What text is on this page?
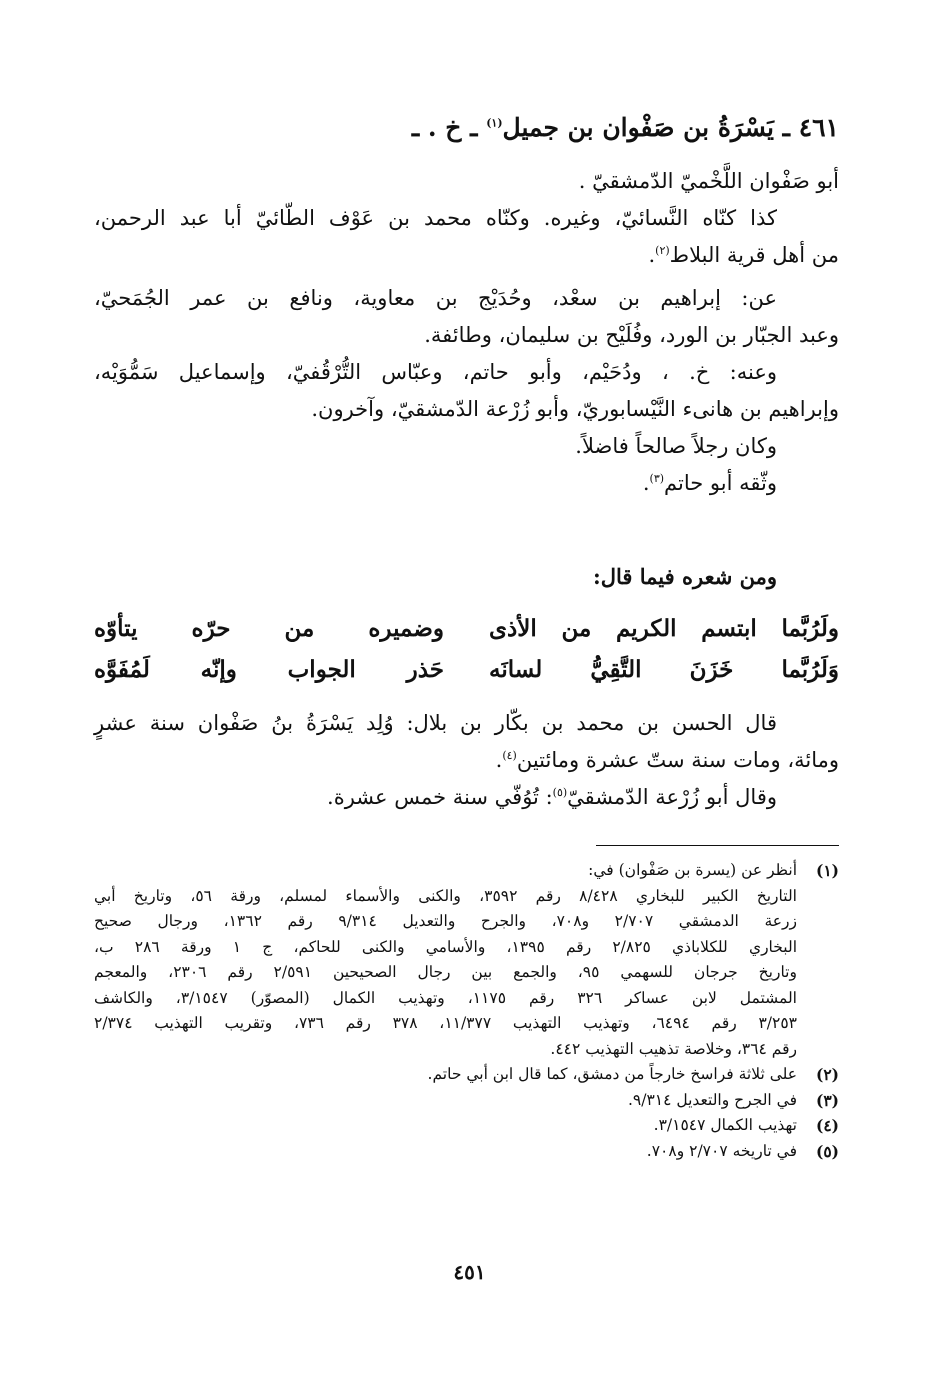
٤٦١ ـ يَسْرَةُ بن صَفْوان بن جميل$^{(١)}$ ـ خ . ـ

أبو صَفْوان اللَّخْميّ الدّمشقيّ .

كذا كنّاه النَّسائيّ، وغيره. وكنّاه محمد بن عَوْف الطّائيّ أبا عبد الرحمن،

من أهل قرية البلاط$^{(٢)}$.

عن: إبراهيم بن سعْد، وحُدَيْج بن معاوية، ونافع بن عمر الجُمَحيّ،

وعبد الجبّار بن الورد، وفُلَيْح بن سليمان، وطائفة.

وعنه: خ. ، ودُحَيْم، وأبو حاتم، وعبّاس التُّرْقُفيّ، وإسماعيل سَمُّوَيْه،

وإبراهيم بن هانىء النَّيْسابوريّ، وأبو زُرْعة الدّمشقيّ، وآخرون.

وكان رجلاً صالحاً فاضلاً.

وثّقه أبو حاتم$^{(٣)}$.

ومن شعره فيما قال:
ولَرُبَّما ابتسم الكريم من الأذى
وضميره من حرّه يتأوّه
وَلَرُبَّما خَزَنَ التَّقِيُّ لسانَه
حَذر الجواب وإنّه لَمُفَوَّه

قال الحسن بن محمد بن بكّار بن بلال: وُلِد يَسْرَةُ بنُ صَفْوان سنة عشرٍ

ومائة، ومات سنة ستّ عشرة ومائتين$^{(٤)}$.

وقال أبو زُرْعة الدّمشقيّ$^{(٥)}$: تُوُفّي سنة خمس عشرة.

(١)
أنظر عن (يسرة بن صَفْوان) في:
التاريخ الكبير للبخاري ٨/٤٢٨ رقم ٣٥٩٢، والكنى والأسماء لمسلم، ورقة ٥٦، وتاريخ أبي
زرعة الدمشقي ٢/٧٠٧ و٧٠٨، والجرح والتعديل ٩/٣١٤ رقم ١٣٦٢، ورجال صحيح
البخاري للكلاباذي ٢/٨٢٥ رقم ١٣٩٥، والأسامي والكنى للحاكم، ج ١ ورقة ٢٨٦ ب،
وتاريخ جرجان للسهمي ٩٥، والجمع بين رجال الصحيحين ٢/٥٩١ رقم ٢٣٠٦، والمعجم
المشتمل لابن عساكر ٣٢٦ رقم ١١٧٥، وتهذيب الكمال (المصوّر) ٣/١٥٤٧، والكاشف
٣/٢٥٣ رقم ٦٤٩٤، وتهذيب التهذيب ١١/٣٧٧، ٣٧٨ رقم ٧٣٦، وتقريب التهذيب ٢/٣٧٤
رقم ٣٦٤، وخلاصة تذهيب التهذيب ٤٤٢.
(٢)
على ثلاثة فراسخ خارجاً من دمشق، كما قال ابن أبي حاتم.
(٣)
في الجرح والتعديل ٩/٣١٤.
(٤)
تهذيب الكمال ٣/١٥٤٧.
(٥)
في تاريخه ٢/٧٠٧ و٧٠٨.
٤٥١
